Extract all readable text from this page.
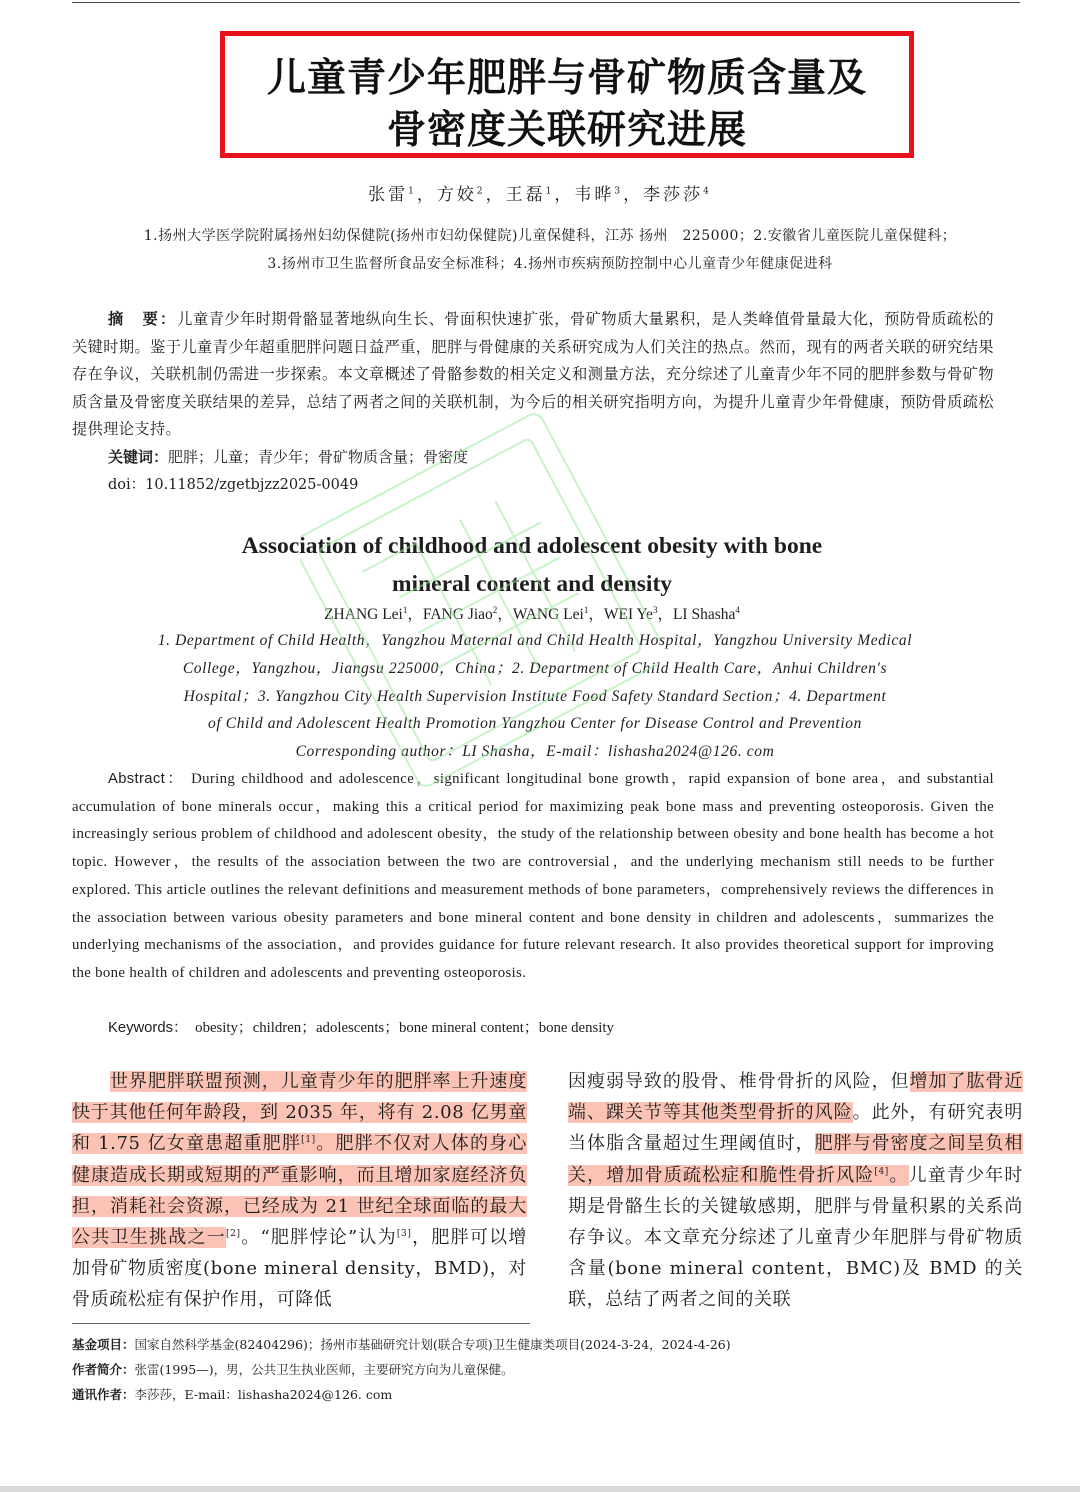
儿童青少年肥胖与骨矿物质含量及
骨密度关联研究进展
张雷$^1$，方姣$^2$，王磊$^1$，韦晔$^3$，李莎莎$^4$
1.扬州大学医学院附属扬州妇幼保健院(扬州市妇幼保健院)儿童保健科，江苏 扬州　225000；2.安徽省儿童医院儿童保健科；
3.扬州市卫生监督所食品安全标准科；4.扬州市疾病预防控制中心儿童青少年健康促进科
摘　要：儿童青少年时期骨骼显著地纵向生长、骨面积快速扩张，骨矿物质大量累积，是人类峰值骨量最大化，预防骨质疏松的关键时期。鉴于儿童青少年超重肥胖问题日益严重，肥胖与骨健康的关系研究成为人们关注的热点。然而，现有的两者关联的研究结果存在争议，关联机制仍需进一步探索。本文章概述了骨骼参数的相关定义和测量方法，充分综述了儿童青少年不同的肥胖参数与骨矿物质含量及骨密度关联结果的差异，总结了两者之间的关联机制，为今后的相关研究指明方向，为提升儿童青少年骨健康，预防骨质疏松提供理论支持。
关键词：肥胖；儿童；青少年；骨矿物质含量；骨密度
doi：10.11852/zgetbjzz2025-0049
Association of childhood and adolescent obesity with bone
mineral content and density
ZHANG Lei$^1$，FANG Jiao$^2$，WANG Lei$^1$，WEI Ye$^3$，LI Shasha$^4$
1. Department of Child Health，Yangzhou Maternal and Child Health Hospital，Yangzhou University Medical
College，Yangzhou，Jiangsu 225000，China；2. Department of Child Health Care，Anhui Children′s
Hospital；3. Yangzhou City Health Supervision Institute Food Safety Standard Section；4. Department
of Child and Adolescent Health Promotion Yangzhou Center for Disease Control and Prevention
Corresponding author：LI Shasha，E-mail：lishasha2024@126. com
Abstract： During childhood and adolescence，significant longitudinal bone growth，rapid expansion of bone area，and substantial accumulation of bone minerals occur，making this a critical period for maximizing peak bone mass and preventing osteoporosis. Given the increasingly serious problem of childhood and adolescent obesity，the study of the relationship between obesity and bone health has become a hot topic. However，the results of the association between the two are controversial，and the underlying mechanism still needs to be further explored. This article outlines the relevant definitions and measurement methods of bone parameters，comprehensively reviews the differences in the association between various obesity parameters and bone mineral content and bone density in children and adolescents，summarizes the underlying mechanisms of the association，and provides guidance for future relevant research. It also provides theoretical support for improving the bone health of children and adolescents and preventing osteoporosis.
Keywords： obesity；children；adolescents；bone mineral content；bone density
世界肥胖联盟预测，儿童青少年的肥胖率上升速度快于其他任何年龄段，到 2035 年，将有 2.08 亿男童和 1.75 亿女童患超重肥胖[1]。肥胖不仅对人体的身心健康造成长期或短期的严重影响，而且增加家庭经济负担，消耗社会资源，已经成为 21 世纪全球面临的最大公共卫生挑战之一[2]。“肥胖悖论”认为[3]，肥胖可以增加骨矿物质密度(bone mineral density，BMD)，对骨质疏松症有保护作用，可降低
因瘦弱导致的股骨、椎骨骨折的风险，但增加了肱骨近端、踝关节等其他类型骨折的风险。此外，有研究表明当体脂含量超过生理阈值时，肥胖与骨密度之间呈负相关，增加骨质疏松症和脆性骨折风险[4]。儿童青少年时期是骨骼生长的关键敏感期，肥胖与骨量积累的关系尚存争议。本文章充分综述了儿童青少年肥胖与骨矿物质含量(bone mineral content，BMC)及 BMD 的关联，总结了两者之间的关联
基金项目：国家自然科学基金(82404296)；扬州市基础研究计划(联合专项)卫生健康类项目(2024-3-24，2024-4-26)
作者简介：张雷(1995—)，男，公共卫生执业医师，主要研究方向为儿童保健。
通讯作者：李莎莎，E-mail：lishasha2024@126. com
